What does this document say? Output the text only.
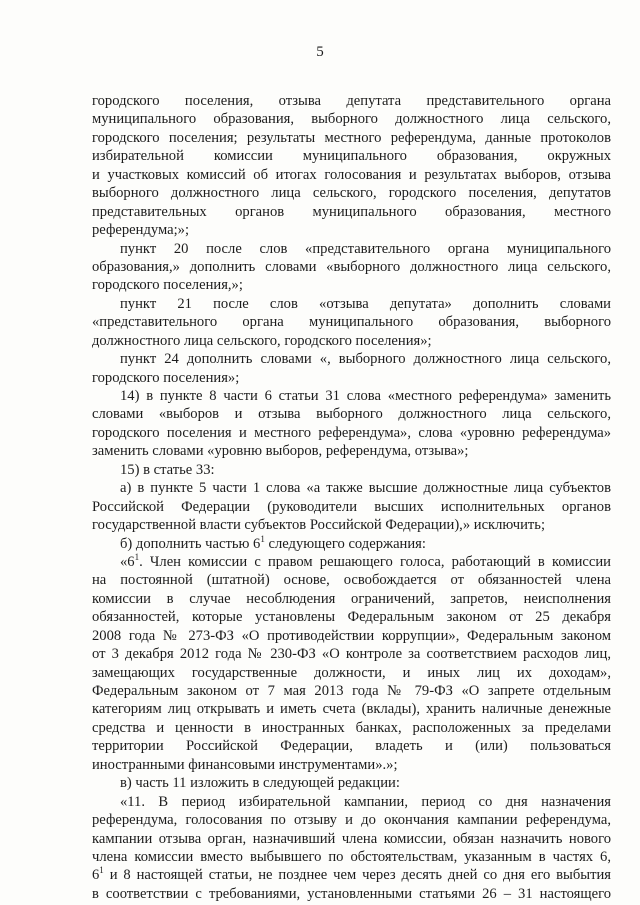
5
городского поселения, отзыва депутата представительного органа
муниципального образования, выборного должностного лица сельского,
городского поселения; результаты местного референдума, данные протоколов
избирательной комиссии муниципального образования, окружных
и участковых комиссий об итогах голосования и результатах выборов, отзыва
выборного должностного лица сельского, городского поселения, депутатов
представительных органов муниципального образования, местного
референдума;»;
пункт 20 после слов «представительного органа муниципального
образования,» дополнить словами «выборного должностного лица сельского,
городского поселения,»;
пункт 21 после слов «отзыва депутата» дополнить словами
«представительного органа муниципального образования, выборного
должностного лица сельского, городского поселения»;
пункт 24 дополнить словами «, выборного должностного лица сельского,
городского поселения»;
14) в пункте 8 части 6 статьи 31 слова «местного референдума» заменить
словами «выборов и отзыва выборного должностного лица сельского,
городского поселения и местного референдума», слова «уровню референдума»
заменить словами «уровню выборов, референдума, отзыва»;
15) в статье 33:
а) в пункте 5 части 1 слова «а также высшие должностные лица субъектов
Российской Федерации (руководители высших исполнительных органов
государственной власти субъектов Российской Федерации),» исключить;
б) дополнить частью $6^1$ следующего содержания:
«$6^1$. Член комиссии с правом решающего голоса, работающий в комиссии
на постоянной (штатной) основе, освобождается от обязанностей члена
комиссии в случае несоблюдения ограничений, запретов, неисполнения
обязанностей, которые установлены Федеральным законом от 25 декабря
2008 года № 273-ФЗ «О противодействии коррупции», Федеральным законом
от 3 декабря 2012 года № 230-ФЗ «О контроле за соответствием расходов лиц,
замещающих государственные должности, и иных лиц их доходам»,
Федеральным законом от 7 мая 2013 года № 79-ФЗ «О запрете отдельным
категориям лиц открывать и иметь счета (вклады), хранить наличные денежные
средства и ценности в иностранных банках, расположенных за пределами
территории Российской Федерации, владеть и (или) пользоваться
иностранными финансовыми инструментами».»;
в) часть 11 изложить в следующей редакции:
«11. В период избирательной кампании, период со дня назначения
референдума, голосования по отзыву и до окончания кампании референдума,
кампании отзыва орган, назначивший члена комиссии, обязан назначить нового
члена комиссии вместо выбывшего по обстоятельствам, указанным в частях 6,
$6^1$ и 8 настоящей статьи, не позднее чем через десять дней со дня его выбытия
в соответствии с требованиями, установленными статьями 26 – 31 настоящего
